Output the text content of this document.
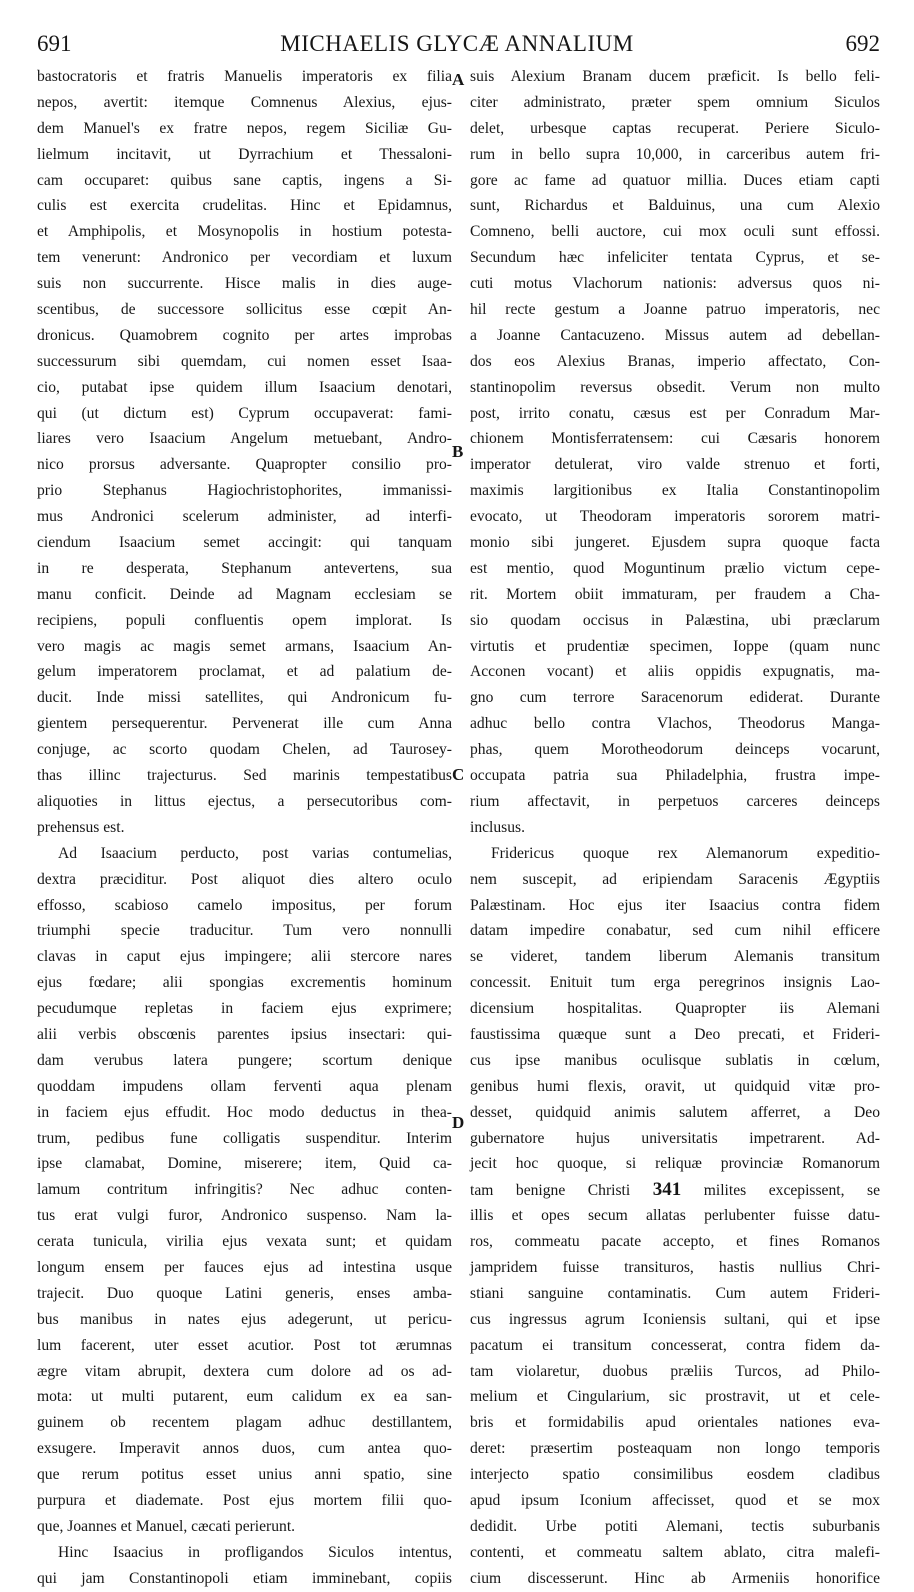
691	MICHAELIS GLYCÆ ANNALIUM	692
bastocratoris et fratris Manuelis imperatoris ex filia
nepos, avertit: itemque Comnenus Alexius, ejus-
dem Manuel's ex fratre nepos, regem Siciliæ Gu-
lielmum incitavit, ut Dyrrachium et Thessaloni-
cam occuparet: quibus sane captis, ingens a Si-
culis est exercita crudelitas. Hinc et Epidamnus,
et Amphipolis, et Mosynopolis in hostium potesta-
tem venerunt: Andronico per vecordiam et luxum
suis non succurrente. Hisce malis in dies auge-
scentibus, de successore sollicitus esse cœpit An-
dronicus. Quamobrem cognito per artes improbas
successurum sibi quemdam, cui nomen esset Isaa-
cio, putabat ipse quidem illum Isaacium denotari,
qui (ut dictum est) Cyprum occupaverat: fami-
liares vero Isaacium Angelum metuebant, Andro-
nico prorsus adversante. Quapropter consilio pro-
prio Stephanus Hagiochristophorites, immanissi-
mus Andronici scelerum administer, ad interfi-
ciendum Isaacium semet accingit: qui tanquam
in re desperata, Stephanum antevertens, sua
manu conficit. Deinde ad Magnam ecclesiam se
recipiens, populi confluentis opem implorat. Is
vero magis ac magis semet armans, Isaacium An-
gelum imperatorem proclamat, et ad palatium de-
ducit. Inde missi satellites, qui Andronicum fu-
gientem persequerentur. Pervenerat ille cum Anna
conjuge, ac scorto quodam Chelen, ad Taurosey-
thas illinc trajecturus. Sed marinis tempestatibus
aliquoties in littus ejectus, a persecutoribus com-
prehensus est.
Ad Isaacium perducto, post varias contumelias,
dextra præciditur. Post aliquot dies altero oculo
effosso, scabioso camelo impositus, per forum
triumphi specie traducitur. Tum vero nonnulli
clavas in caput ejus impingere; alii stercore nares
ejus fœdare; alii spongias excrementis hominum
pecudumque repletas in faciem ejus exprimere;
alii verbis obscœnis parentes ipsius insectari: qui-
dam verubus latera pungere; scortum denique
quoddam impudens ollam ferventi aqua plenam
in faciem ejus effudit. Hoc modo deductus in thea-
trum, pedibus fune colligatis suspenditur. Interim
ipse clamabat, Domine, miserere; item, Quid ca-
lamum contritum infringitis? Nec adhuc conten-
tus erat vulgi furor, Andronico suspenso. Nam la-
cerata tunicula, virilia ejus vexata sunt; et quidam
longum ensem per fauces ejus ad intestina usque
trajecit. Duo quoque Latini generis, enses amba-
bus manibus in nates ejus adegerunt, ut pericu-
lum facerent, uter esset acutior. Post tot ærumnas
ægre vitam abrupit, dextera cum dolore ad os ad-
mota: ut multi putarent, eum calidum ex ea san-
guinem ob recentem plagam adhuc destillantem,
exsugere. Imperavit annos duos, cum antea quo-
que rerum potitus esset unius anni spatio, sine
purpura et diademate. Post ejus mortem filii quo-
que, Joannes et Manuel, cæcati perierunt.
Hinc Isaacius in profligandos Siculos intentus,
qui jam Constantinopoli etiam imminebant, copiis
suis Alexium Branam ducem præficit. Is bello feli-
citer administrato, præter spem omnium Siculos
delet, urbesque captas recuperat. Periere Siculo-
rum in bello supra 10,000, in carceribus autem fri-
gore ac fame ad quatuor millia. Duces etiam capti
sunt, Richardus et Balduinus, una cum Alexio
Comneno, belli auctore, cui mox oculi sunt effossi.
Secundum hæc infeliciter tentata Cyprus, et se-
cuti motus Vlachorum nationis: adversus quos ni-
hil recte gestum a Joanne patruo imperatoris, nec
a Joanne Cantacuzeno. Missus autem ad debellan-
dos eos Alexius Branas, imperio affectato, Con-
stantinopolim reversus obsedit. Verum non multo
post, irrito conatu, cæsus est per Conradum Mar-
chionem Montisferratensem: cui Cæsaris honorem
imperator detulerat, viro valde strenuo et forti,
maximis largitionibus ex Italia Constantinopolim
evocato, ut Theodoram imperatoris sororem matri-
monio sibi jungeret. Ejusdem supra quoque facta
est mentio, quod Moguntinum prælio victum cepe-
rit. Mortem obiit immaturam, per fraudem a Cha-
sio quodam occisus in Palæstina, ubi præclarum
virtutis et prudentiæ specimen, Ioppe (quam nunc
Acconen vocant) et aliis oppidis expugnatis, ma-
gno cum terrore Saracenorum ediderat. Durante
adhuc bello contra Vlachos, Theodorus Manga-
phas, quem Morotheodorum deinceps vocarunt,
occupata patria sua Philadelphia, frustra impe-
rium affectavit, in perpetuos carceres deinceps
inclusus.
Fridericus quoque rex Alemanorum expeditio-
nem suscepit, ad eripiendam Saracenis Ægyptiis
Palæstinam. Hoc ejus iter Isaacius contra fidem
datam impedire conabatur, sed cum nihil efficere
se videret, tandem liberum Alemanis transitum
concessit. Enituit tum erga peregrinos insignis Lao-
dicensium hospitalitas. Quapropter iis Alemani
faustissima quæque sunt a Deo precati, et Frideri-
cus ipse manibus oculisque sublatis in cœlum,
genibus humi flexis, oravit, ut quidquid vitæ pro-
desset, quidquid animis salutem afferret, a Deo
gubernatore hujus universitatis impetrarent. Ad-
jecit hoc quoque, si reliquæ provinciæ Romanorum
tam benigne Christi 341 milites excepissent, se
illis et opes secum allatas perlubenter fuisse datu-
ros, commeatu pacate accepto, et fines Romanos
jampridem fuisse transituros, hastis nullius Chri-
stiani sanguine contaminatis. Cum autem Frideri-
cus ingressus agrum Iconiensis sultani, qui et ipse
pacatum ei transitum concesserat, contra fidem da-
tam violaretur, duobus præliis Turcos, ad Philo-
melium et Cingularium, sic prostravit, ut et cele-
bris et formidabilis apud orientales nationes eva-
deret: præsertim posteaquam non longo temporis
interjecto spatio consimilibus eosdem cladibus
apud ipsum Iconium affecisset, quod et se mox
dedidit. Urbe potiti Alemani, tectis suburbanis
contenti, et commeatu saltem ablato, citra malefi-
cium discesserunt. Hinc ab Armeniis honorifice
A
B
C
D
